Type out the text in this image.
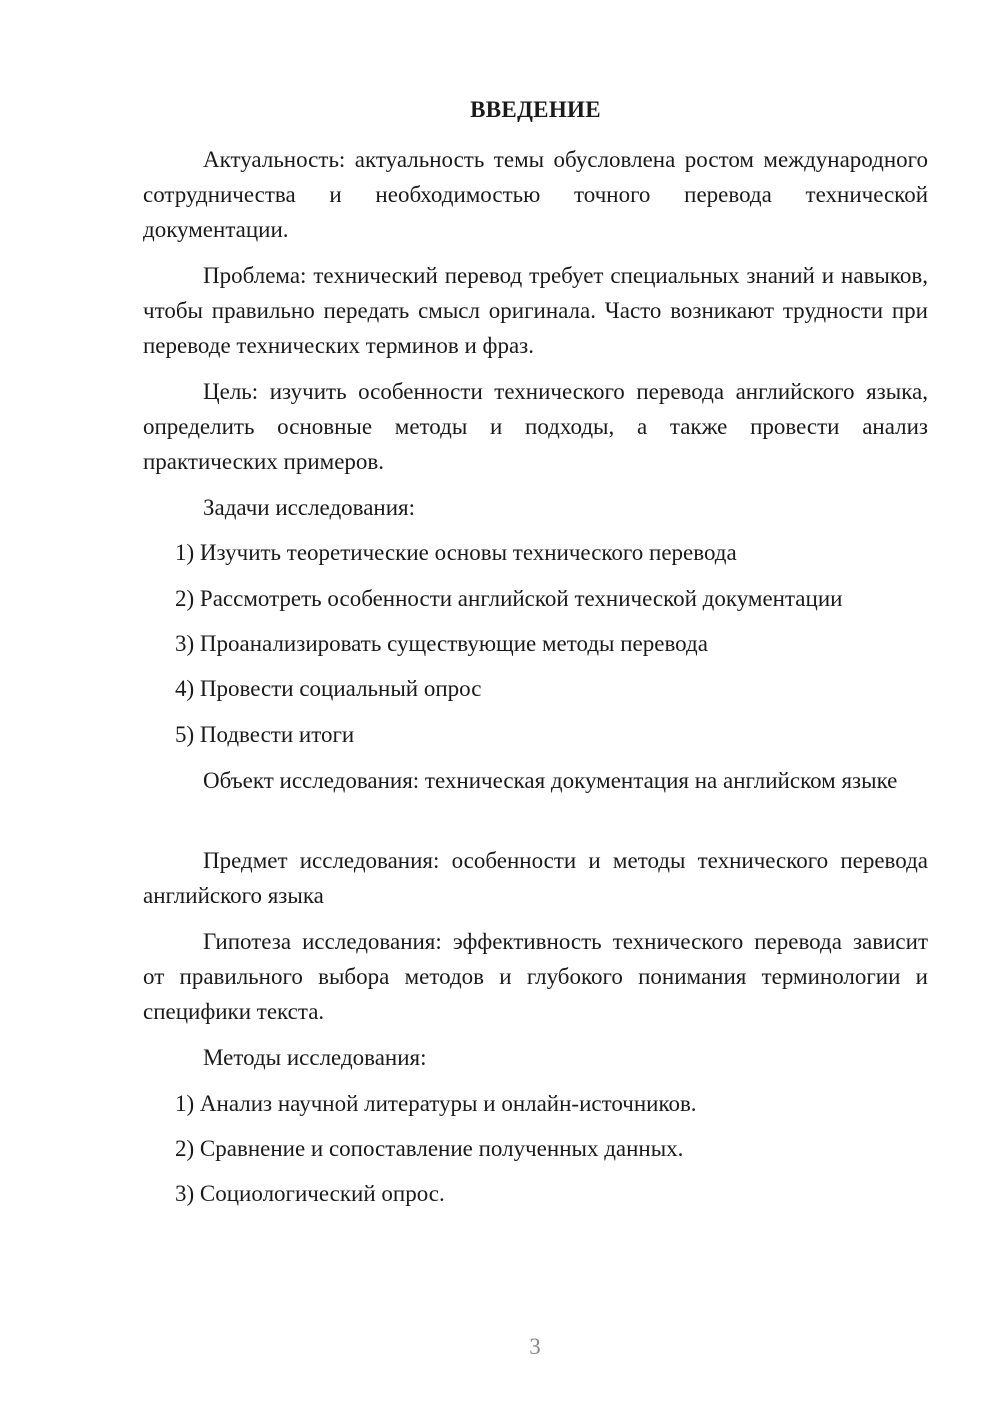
ВВЕДЕНИЕ

Актуальность: актуальность темы обусловлена ростом международного сотрудничества и необходимостью точного перевода технической документации.

Проблема: технический перевод требует специальных знаний и навыков, чтобы правильно передать смысл оригинала. Часто возникают трудности при переводе технических терминов и фраз.

Цель: изучить особенности технического перевода английского языка, определить основные методы и подходы, а также провести анализ практических примеров.

Задачи исследования:

1) Изучить теоретические основы технического перевода

2) Рассмотреть особенности английской технической документации

3) Проанализировать существующие методы перевода

4) Провести социальный опрос

5) Подвести итоги

Объект исследования: техническая документация на английском языке

Предмет исследования: особенности и методы технического перевода английского языка

Гипотеза исследования: эффективность технического перевода зависит от правильного выбора методов и глубокого понимания терминологии и специфики текста.

Методы исследования:

1) Анализ научной литературы и онлайн-источников.

2) Сравнение и сопоставление полученных данных.

3) Социологический опрос.

3
